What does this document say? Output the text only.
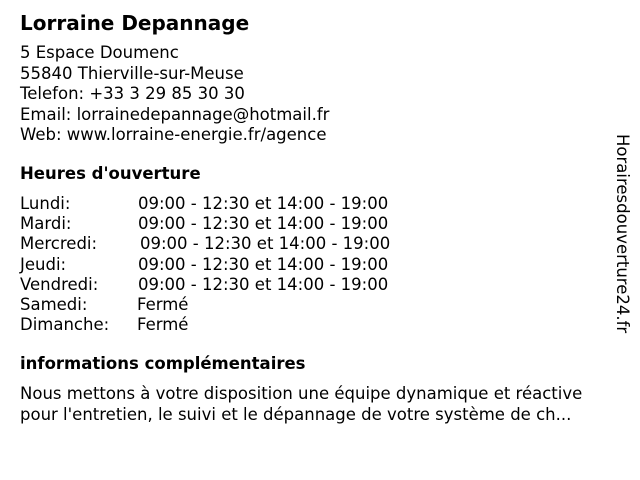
Lorraine Depannage
5 Espace Doumenc
55840 Thierville-sur-Meuse
Telefon: +33 3 29 85 30 30
Email: lorrainedepannage@hotmail.fr
Web: www.lorraine-energie.fr/agence
Heures d'ouverture
Lundi:	09:00 - 12:30 et 14:00 - 19:00
Mardi:	09:00 - 12:30 et 14:00 - 19:00
Mercredi:	09:00 - 12:30 et 14:00 - 19:00
Jeudi:	09:00 - 12:30 et 14:00 - 19:00
Vendredi: 09:00 - 12:30 et 14:00 - 19:00
Samedi:	Fermé
Dimanche: Fermé
informations complémentaires
Nous mettons à votre disposition une équipe dynamique et réactive
pour l'entretien, le suivi et le dépannage de votre système de ch...
Horairesdouverture24.fr
